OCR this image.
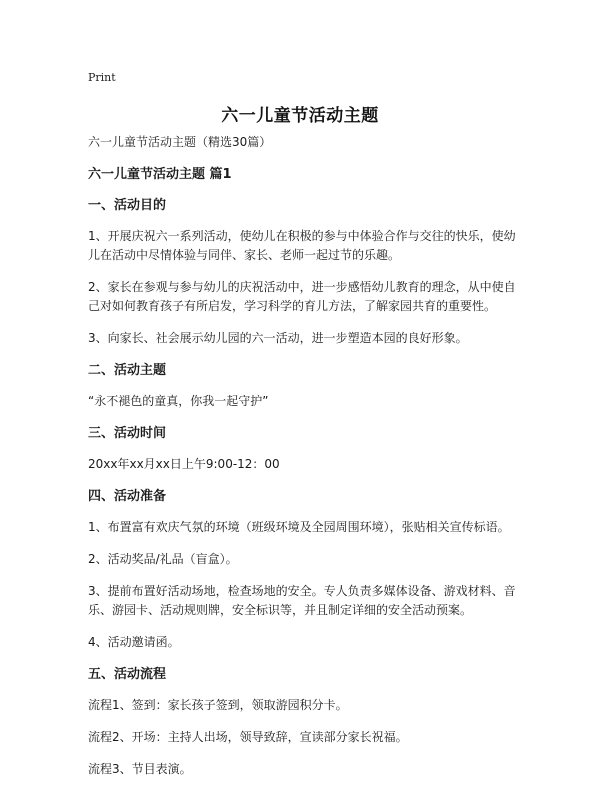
Print
六一儿童节活动主题
六一儿童节活动主题（精选30篇）
六一儿童节活动主题 篇1
一、活动目的
1、开展庆祝六一系列活动，使幼儿在积极的参与中体验合作与交往的快乐，使幼儿在活动中尽情体验与同伴、家长、老师一起过节的乐趣。
2、家长在参观与参与幼儿的庆祝活动中，进一步感悟幼儿教育的理念，从中使自己对如何教育孩子有所启发，学习科学的育儿方法，了解家园共育的重要性。
3、向家长、社会展示幼儿园的六一活动，进一步塑造本园的良好形象。
二、活动主题
“永不褪色的童真，你我一起守护”
三、活动时间
20xx年xx月xx日上午9:00-12：00
四、活动准备
1、布置富有欢庆气氛的环境（班级环境及全园周围环境），张贴相关宣传标语。
2、活动奖品/礼品（盲盒）。
3、提前布置好活动场地，检查场地的安全。专人负责多媒体设备、游戏材料、音乐、游园卡、活动规则牌，安全标识等，并且制定详细的安全活动预案。
4、活动邀请函。
五、活动流程
流程1、签到：家长孩子签到，领取游园积分卡。
流程2、开场：主持人出场，领导致辞，宣读部分家长祝福。
流程3、节目表演。
